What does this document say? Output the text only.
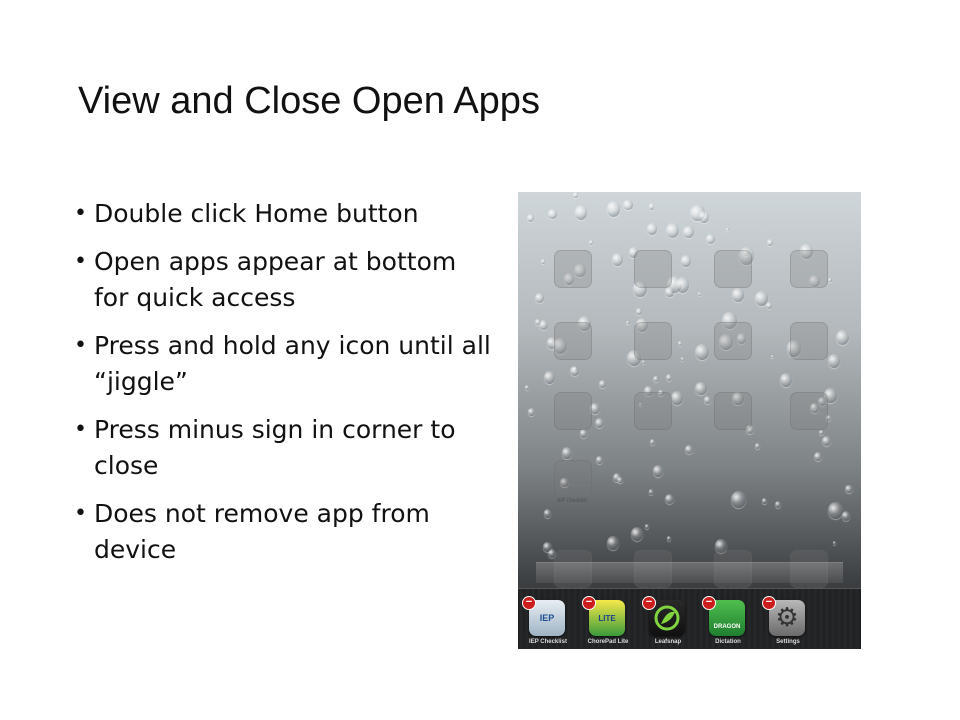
View and Close Open Apps
• Double click Home button
• Open apps appear at bottom for quick access
• Press and hold any icon until all “jiggle”
• Press minus sign in corner to close
• Does not remove app from device
IEP Checklist
−
IEP
IEP Checklist
−
LITE
ChorePad Lite
−
Leafsnap
−
DRAGON
Dictation
−
⚙
Settings
